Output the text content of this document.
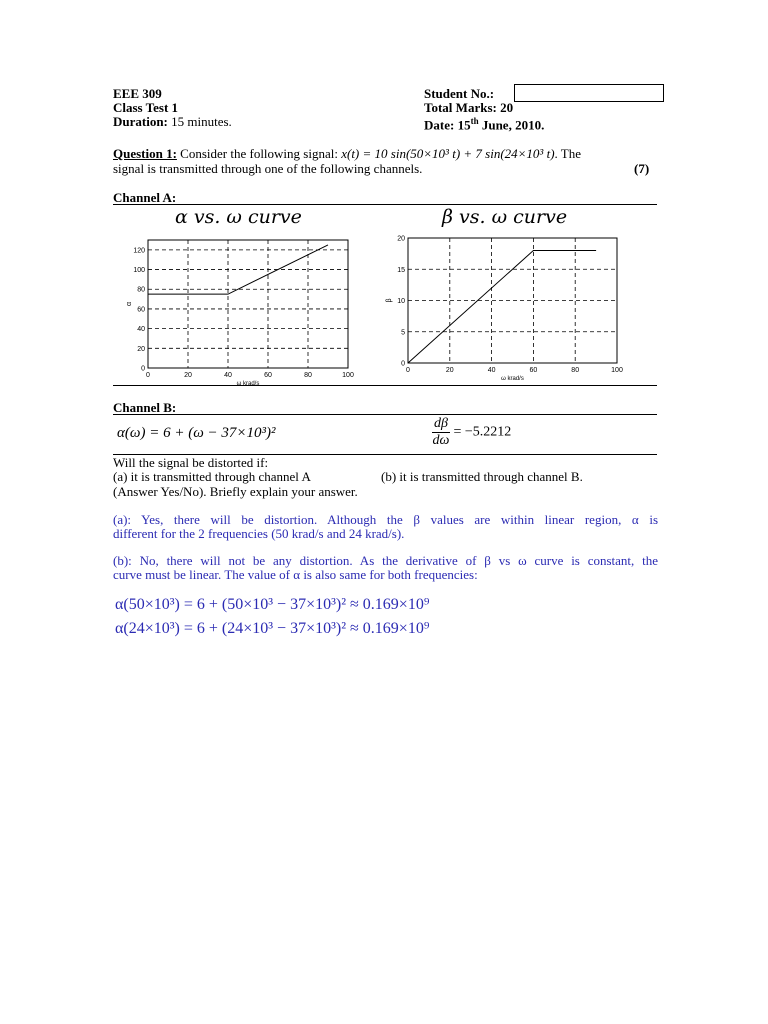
EEE 309
Class Test 1
Duration: 15 minutes.
Student No.:
Total Marks: 20
Date: 15th June, 2010.
Question 1: Consider the following signal: x(t) = 10 sin(50×10³ t) + 7 sin(24×10³ t). The
signal is transmitted through one of the following channels.	(7)
Channel A:
α vs. ω curve	β vs. ω curve
0	20	40	60	80	100
0
20
40
60
80
100
120
ω krad/s
α
0	20	40	60	80	100
0
5
10
15
20
ω krad/s
β
Channel B:
α(ω) = 6 + (ω − 37×10³)²	$\frac{d\beta}{d\omega} = -5.2212$
Will the signal be distorted if:
(a) it is transmitted through channel A	(b) it is transmitted through channel B.
(Answer Yes/No). Briefly explain your answer.
(a): Yes, there will be distortion. Although the β values are within linear region, α is
different for the 2 frequencies (50 krad/s and 24 krad/s).
(b): No, there will not be any distortion. As the derivative of β vs ω curve is constant, the
curve must be linear. The value of α is also same for both frequencies:
α(50×10³) = 6 + (50×10³ − 37×10³)² ≈ 0.169×10⁹
α(24×10³) = 6 + (24×10³ − 37×10³)² ≈ 0.169×10⁹
